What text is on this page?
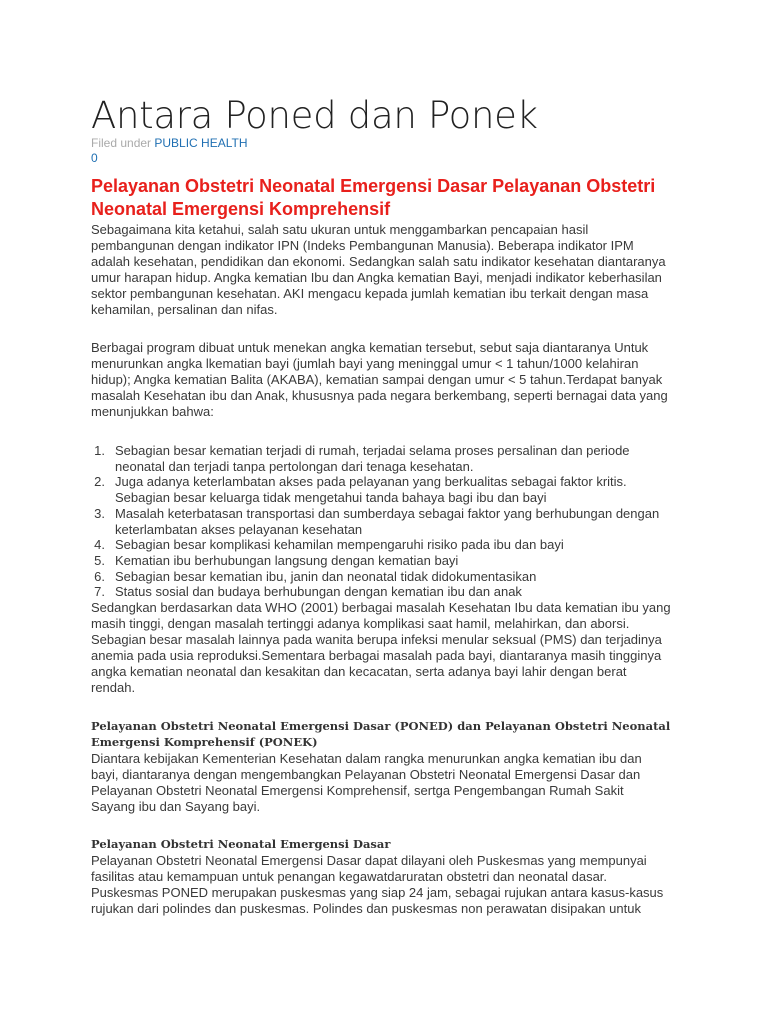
Antara Poned dan Ponek
Filed under PUBLIC HEALTH
0
Pelayanan Obstetri Neonatal Emergensi Dasar Pelayanan Obstetri Neonatal Emergensi Komprehensif

Sebagaimana kita ketahui, salah satu ukuran untuk menggambarkan pencapaian hasil pembangunan dengan indikator IPN (Indeks Pembangunan Manusia). Beberapa indikator IPM adalah kesehatan, pendidikan dan ekonomi. Sedangkan salah satu indikator kesehatan diantaranya umur harapan hidup. Angka kematian Ibu dan Angka kematian Bayi, menjadi indikator keberhasilan sektor pembangunan kesehatan. AKI mengacu kepada jumlah kematian ibu terkait dengan masa kehamilan, persalinan dan nifas.

Berbagai program dibuat untuk menekan angka kematian tersebut, sebut saja diantaranya Untuk menurunkan angka lkematian bayi (jumlah bayi yang meninggal umur < 1 tahun/1000 kelahiran hidup); Angka kematian Balita (AKABA), kematian sampai dengan umur < 5 tahun.Terdapat banyak masalah Kesehatan ibu dan Anak, khususnya pada negara berkembang, seperti bernagai data yang menunjukkan bahwa:

1. Sebagian besar kematian terjadi di rumah, terjadai selama proses persalinan dan periode neonatal dan terjadi tanpa pertolongan dari tenaga kesehatan.
2. Juga adanya keterlambatan akses pada pelayanan yang berkualitas sebagai faktor kritis. Sebagian besar keluarga tidak mengetahui tanda bahaya bagi ibu dan bayi
3. Masalah keterbatasan transportasi dan sumberdaya sebagai faktor yang berhubungan dengan keterlambatan akses pelayanan kesehatan
4. Sebagian besar komplikasi kehamilan mempengaruhi risiko pada ibu dan bayi
5. Kematian ibu berhubungan langsung dengan kematian bayi
6. Sebagian besar kematian ibu, janin dan neonatal tidak didokumentasikan
7. Status sosial dan budaya berhubungan dengan kematian ibu dan anak

Sedangkan berdasarkan data WHO (2001) berbagai masalah Kesehatan Ibu data kematian ibu yang masih tinggi, dengan masalah tertinggi adanya komplikasi saat hamil, melahirkan, dan aborsi. Sebagian besar masalah lainnya pada wanita berupa infeksi menular seksual (PMS) dan terjadinya anemia pada usia reproduksi.Sementara berbagai masalah pada bayi, diantaranya masih tingginya angka kematian neonatal dan kesakitan dan kecacatan, serta adanya bayi lahir dengan berat rendah.

Pelayanan Obstetri Neonatal Emergensi Dasar (PONED) dan Pelayanan Obstetri Neonatal Emergensi Komprehensif (PONEK)

Diantara kebijakan Kementerian Kesehatan dalam rangka menurunkan angka kematian ibu dan bayi, diantaranya dengan mengembangkan Pelayanan Obstetri Neonatal Emergensi Dasar dan Pelayanan Obstetri Neonatal Emergensi Komprehensif, sertga Pengembangan Rumah Sakit Sayang ibu dan Sayang bayi.

Pelayanan Obstetri Neonatal Emergensi Dasar

Pelayanan Obstetri Neonatal Emergensi Dasar dapat dilayani oleh Puskesmas yang mempunyai fasilitas atau kemampuan untuk penangan kegawatdaruratan obstetri dan neonatal dasar. Puskesmas PONED merupakan puskesmas yang siap 24 jam, sebagai rujukan antara kasus-kasus rujukan dari polindes dan puskesmas. Polindes dan puskesmas non perawatan disipakan untuk
